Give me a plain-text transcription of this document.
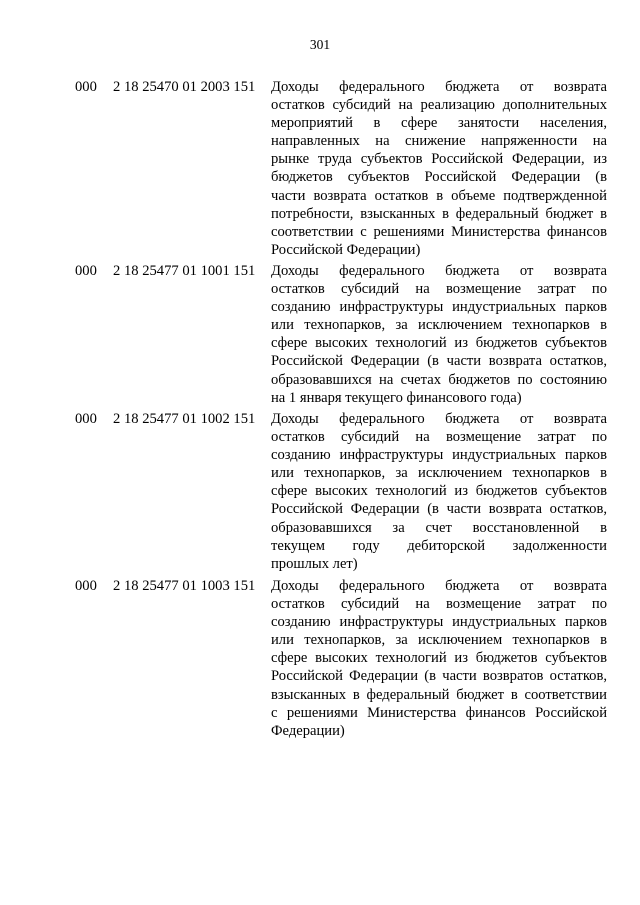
301
000 2 18 25470 01 2003 151 Доходы федерального бюджета от возврата
остатков субсидий на реализацию дополнительных
мероприятий в сфере занятости населения,
направленных на снижение напряженности на
рынке труда субъектов Российской Федерации, из
бюджетов субъектов Российской Федерации (в
части возврата остатков в объеме подтвержденной
потребности, взысканных в федеральный бюджет в
соответствии с решениями Министерства финансов
Российской Федерации)
000 2 18 25477 01 1001 151 Доходы федерального бюджета от возврата
остатков субсидий на возмещение затрат по
созданию инфраструктуры индустриальных парков
или технопарков, за исключением технопарков в
сфере высоких технологий из бюджетов субъектов
Российской Федерации (в части возврата остатков,
образовавшихся на счетах бюджетов по состоянию
на 1 января текущего финансового года)
000 2 18 25477 01 1002 151 Доходы федерального бюджета от возврата
остатков субсидий на возмещение затрат по
созданию инфраструктуры индустриальных парков
или технопарков, за исключением технопарков в
сфере высоких технологий из бюджетов субъектов
Российской Федерации (в части возврата остатков,
образовавшихся за счет восстановленной в
текущем году дебиторской задолженности
прошлых лет)
000 2 18 25477 01 1003 151 Доходы федерального бюджета от возврата
остатков субсидий на возмещение затрат по
созданию инфраструктуры индустриальных парков
или технопарков, за исключением технопарков в
сфере высоких технологий из бюджетов субъектов
Российской Федерации (в части возвратов остатков,
взысканных в федеральный бюджет в соответствии
с решениями Министерства финансов Российской
Федерации)
